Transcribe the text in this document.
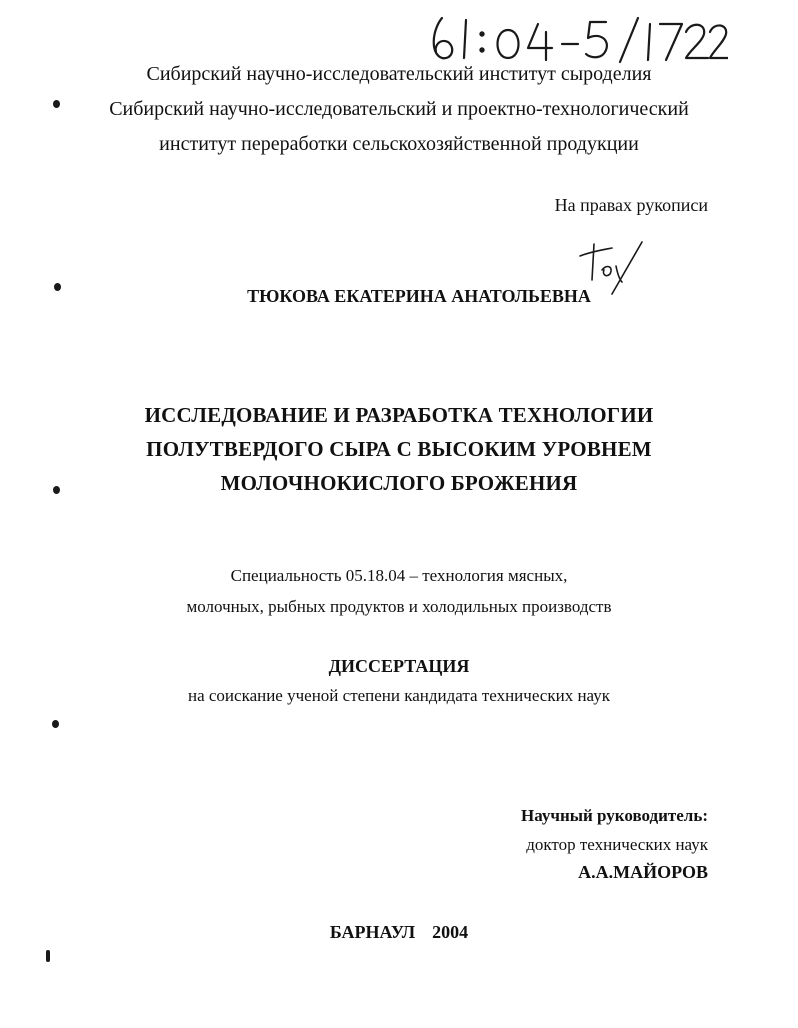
Сибирский научно-исследовательский институт сыроделия
Сибирский научно-исследовательский и проектно-технологический
институт переработки сельскохозяйственной продукции
На правах рукописи
ТЮКОВА ЕКАТЕРИНА АНАТОЛЬЕВНА
ИССЛЕДОВАНИЕ И РАЗРАБОТКА ТЕХНОЛОГИИ
ПОЛУТВЕРДОГО СЫРА С ВЫСОКИМ УРОВНЕМ
МОЛОЧНОКИСЛОГО БРОЖЕНИЯ
Специальность 05.18.04 – технология мясных,
молочных, рыбных продуктов и холодильных производств
ДИССЕРТАЦИЯ
на соискание ученой степени кандидата технических наук
Научный руководитель:
доктор технических наук
А.А.МАЙОРОВ
БАРНАУЛ  2004
